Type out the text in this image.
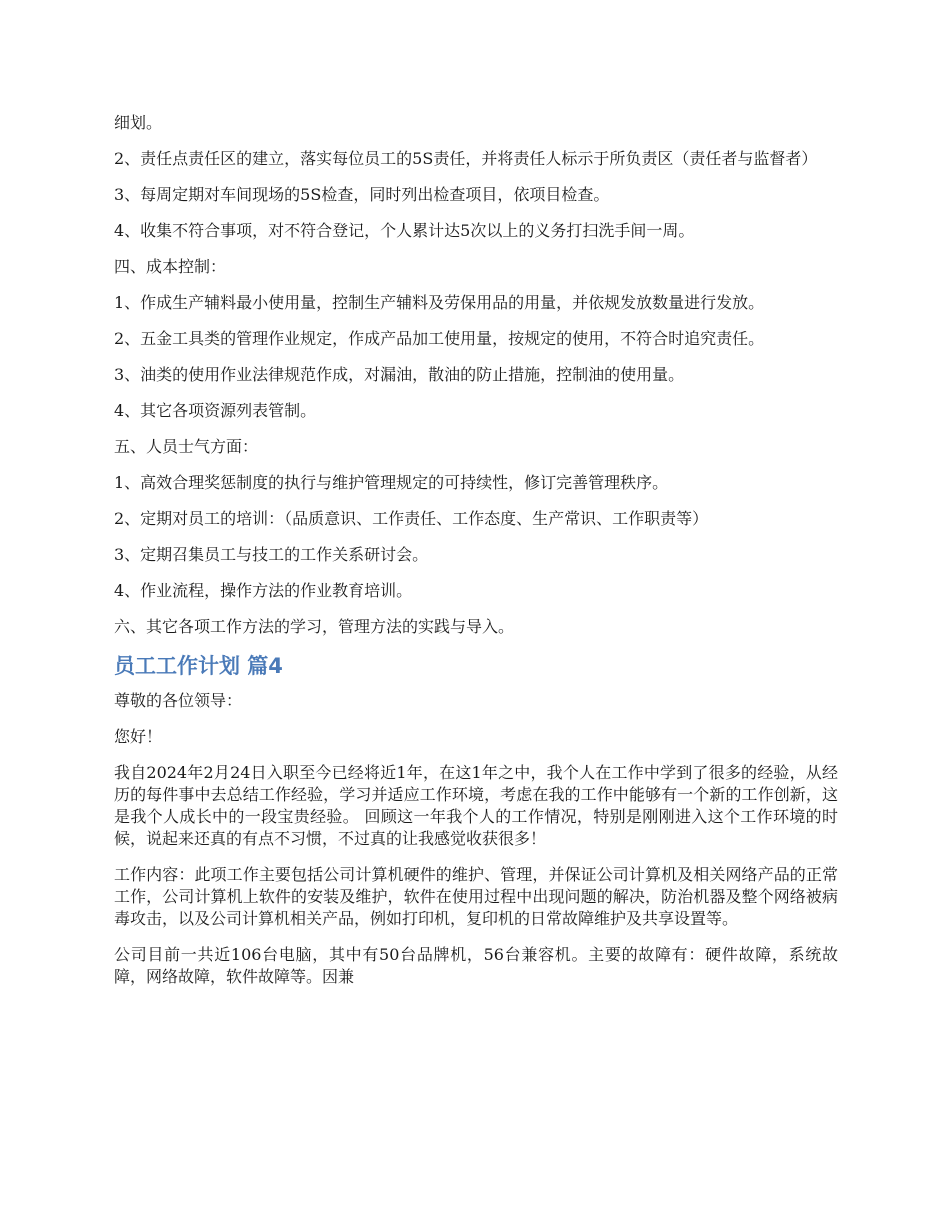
细划。

2、责任点责任区的建立，落实每位员工的5S责任，并将责任人标示于所负责区（责任者与监督者）

3、每周定期对车间现场的5S检查，同时列出检查项目，依项目检查。

4、收集不符合事项，对不符合登记，个人累计达5次以上的义务打扫洗手间一周。

四、成本控制：

1、作成生产辅料最小使用量，控制生产辅料及劳保用品的用量，并依规发放数量进行发放。

2、五金工具类的管理作业规定，作成产品加工使用量，按规定的使用，不符合时追究责任。

3、油类的使用作业法律规范作成，对漏油，散油的防止措施，控制油的使用量。

4、其它各项资源列表管制。

五、人员士气方面：

1、高效合理奖惩制度的执行与维护管理规定的可持续性，修订完善管理秩序。

2、定期对员工的培训：（品质意识、工作责任、工作态度、生产常识、工作职责等）

3、定期召集员工与技工的工作关系研讨会。

4、作业流程，操作方法的作业教育培训。

六、其它各项工作方法的学习，管理方法的实践与导入。

员工工作计划 篇4

尊敬的各位领导：

您好！

我自2024年2月24日入职至今已经将近1年，在这1年之中，我个人在工作中学到了很多的经验，从经历的每件事中去总结工作经验，学习并适应工作环境，考虑在我的工作中能够有一个新的工作创新，这是我个人成长中的一段宝贵经验。 回顾这一年我个人的工作情况，特别是刚刚进入这个工作环境的时候，说起来还真的有点不习惯，不过真的让我感觉收获很多！

工作内容：此项工作主要包括公司计算机硬件的维护、管理，并保证公司计算机及相关网络产品的正常工作，公司计算机上软件的安装及维护，软件在使用过程中出现问题的解决，防治机器及整个网络被病毒攻击，以及公司计算机相关产品，例如打印机，复印机的日常故障维护及共享设置等。

公司目前一共近106台电脑，其中有50台品牌机，56台兼容机。主要的故障有：硬件故障，系统故障，网络故障，软件故障等。因兼
